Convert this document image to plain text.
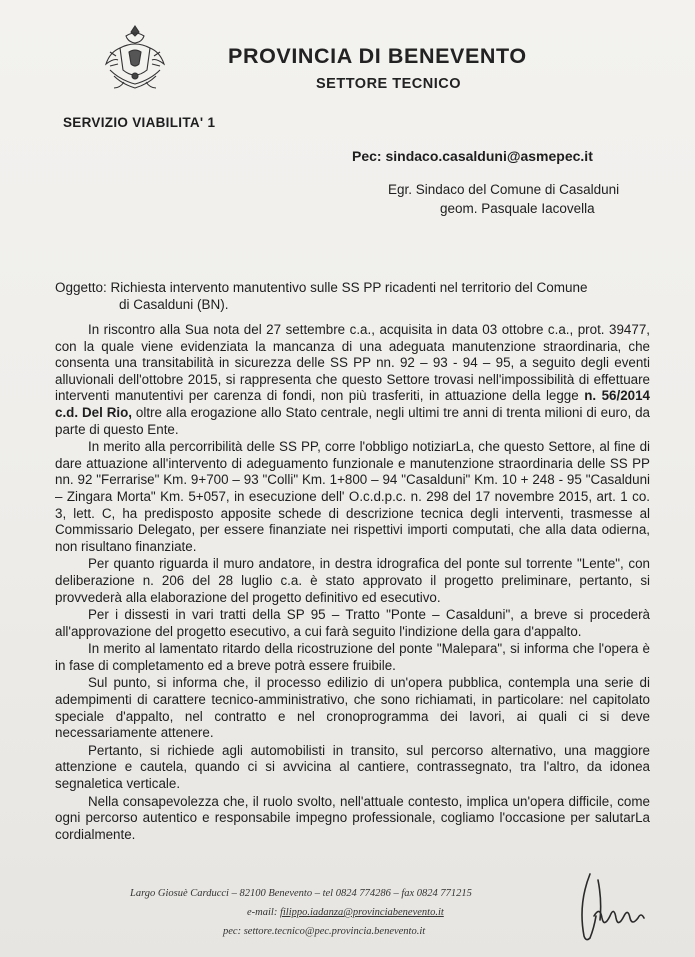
PROVINCIA DI BENEVENTO
SETTORE TECNICO
SERVIZIO VIABILITA' 1
Pec: sindaco.casalduni@asmepec.it
Egr. Sindaco del Comune di Casalduni
geom. Pasquale Iacovella
Oggetto: Richiesta intervento manutentivo sulle SS PP ricadenti nel territorio del Comune
di Casalduni (BN).

In riscontro alla Sua nota del 27 settembre c.a., acquisita in data 03 ottobre c.a., prot. 39477, con la quale viene evidenziata la mancanza di una adeguata manutenzione straordinaria, che consenta una transitabilità in sicurezza delle SS PP nn. 92 – 93 - 94 – 95, a seguito degli eventi alluvionali dell'ottobre 2015, si rappresenta che questo Settore trovasi nell'impossibilità di effettuare interventi manutentivi per carenza di fondi, non più trasferiti, in attuazione della legge n. 56/2014 c.d. Del Rio, oltre alla erogazione allo Stato centrale, negli ultimi tre anni di trenta milioni di euro, da parte di questo Ente.

In merito alla percorribilità delle SS PP, corre l'obbligo notiziarLa, che questo Settore, al fine di dare attuazione all'intervento di adeguamento funzionale e manutenzione straordinaria delle SS PP nn. 92 "Ferrarise" Km. 9+700 – 93 "Colli" Km. 1+800 – 94 "Casalduni" Km. 10 + 248 - 95 "Casalduni – Zingara Morta" Km. 5+057, in esecuzione dell' O.c.d.p.c. n. 298 del 17 novembre 2015, art. 1 co. 3, lett. C, ha predisposto apposite schede di descrizione tecnica degli interventi, trasmesse al Commissario Delegato, per essere finanziate nei rispettivi importi computati, che alla data odierna, non risultano finanziate.

Per quanto riguarda il muro andatore, in destra idrografica del ponte sul torrente "Lente", con deliberazione n. 206 del 28 luglio c.a. è stato approvato il progetto preliminare, pertanto, si provvederà alla elaborazione del progetto definitivo ed esecutivo.

Per i dissesti in vari tratti della SP 95 – Tratto "Ponte – Casalduni", a breve si procederà all'approvazione del progetto esecutivo, a cui farà seguito l'indizione della gara d'appalto.

In merito al lamentato ritardo della ricostruzione del ponte "Malepara", si informa che l'opera è in fase di completamento ed a breve potrà essere fruibile.

Sul punto, si informa che, il processo edilizio di un'opera pubblica, contempla una serie di adempimenti di carattere tecnico-amministrativo, che sono richiamati, in particolare: nel capitolato speciale d'appalto, nel contratto e nel cronoprogramma dei lavori, ai quali ci si deve necessariamente attenere.

Pertanto, si richiede agli automobilisti in transito, sul percorso alternativo, una maggiore attenzione e cautela, quando ci si avvicina al cantiere, contrassegnato, tra l'altro, da idonea segnaletica verticale.

Nella consapevolezza che, il ruolo svolto, nell'attuale contesto, implica un'opera difficile, come ogni percorso autentico e responsabile impegno professionale, cogliamo l'occasione per salutarLa cordialmente.

Largo Giosuè Carducci – 82100 Benevento – tel 0824 774286 – fax 0824 771215
e-mail: filippo.iadanza@provinciabenevento.it
pec: settore.tecnico@pec.provincia.benevento.it
